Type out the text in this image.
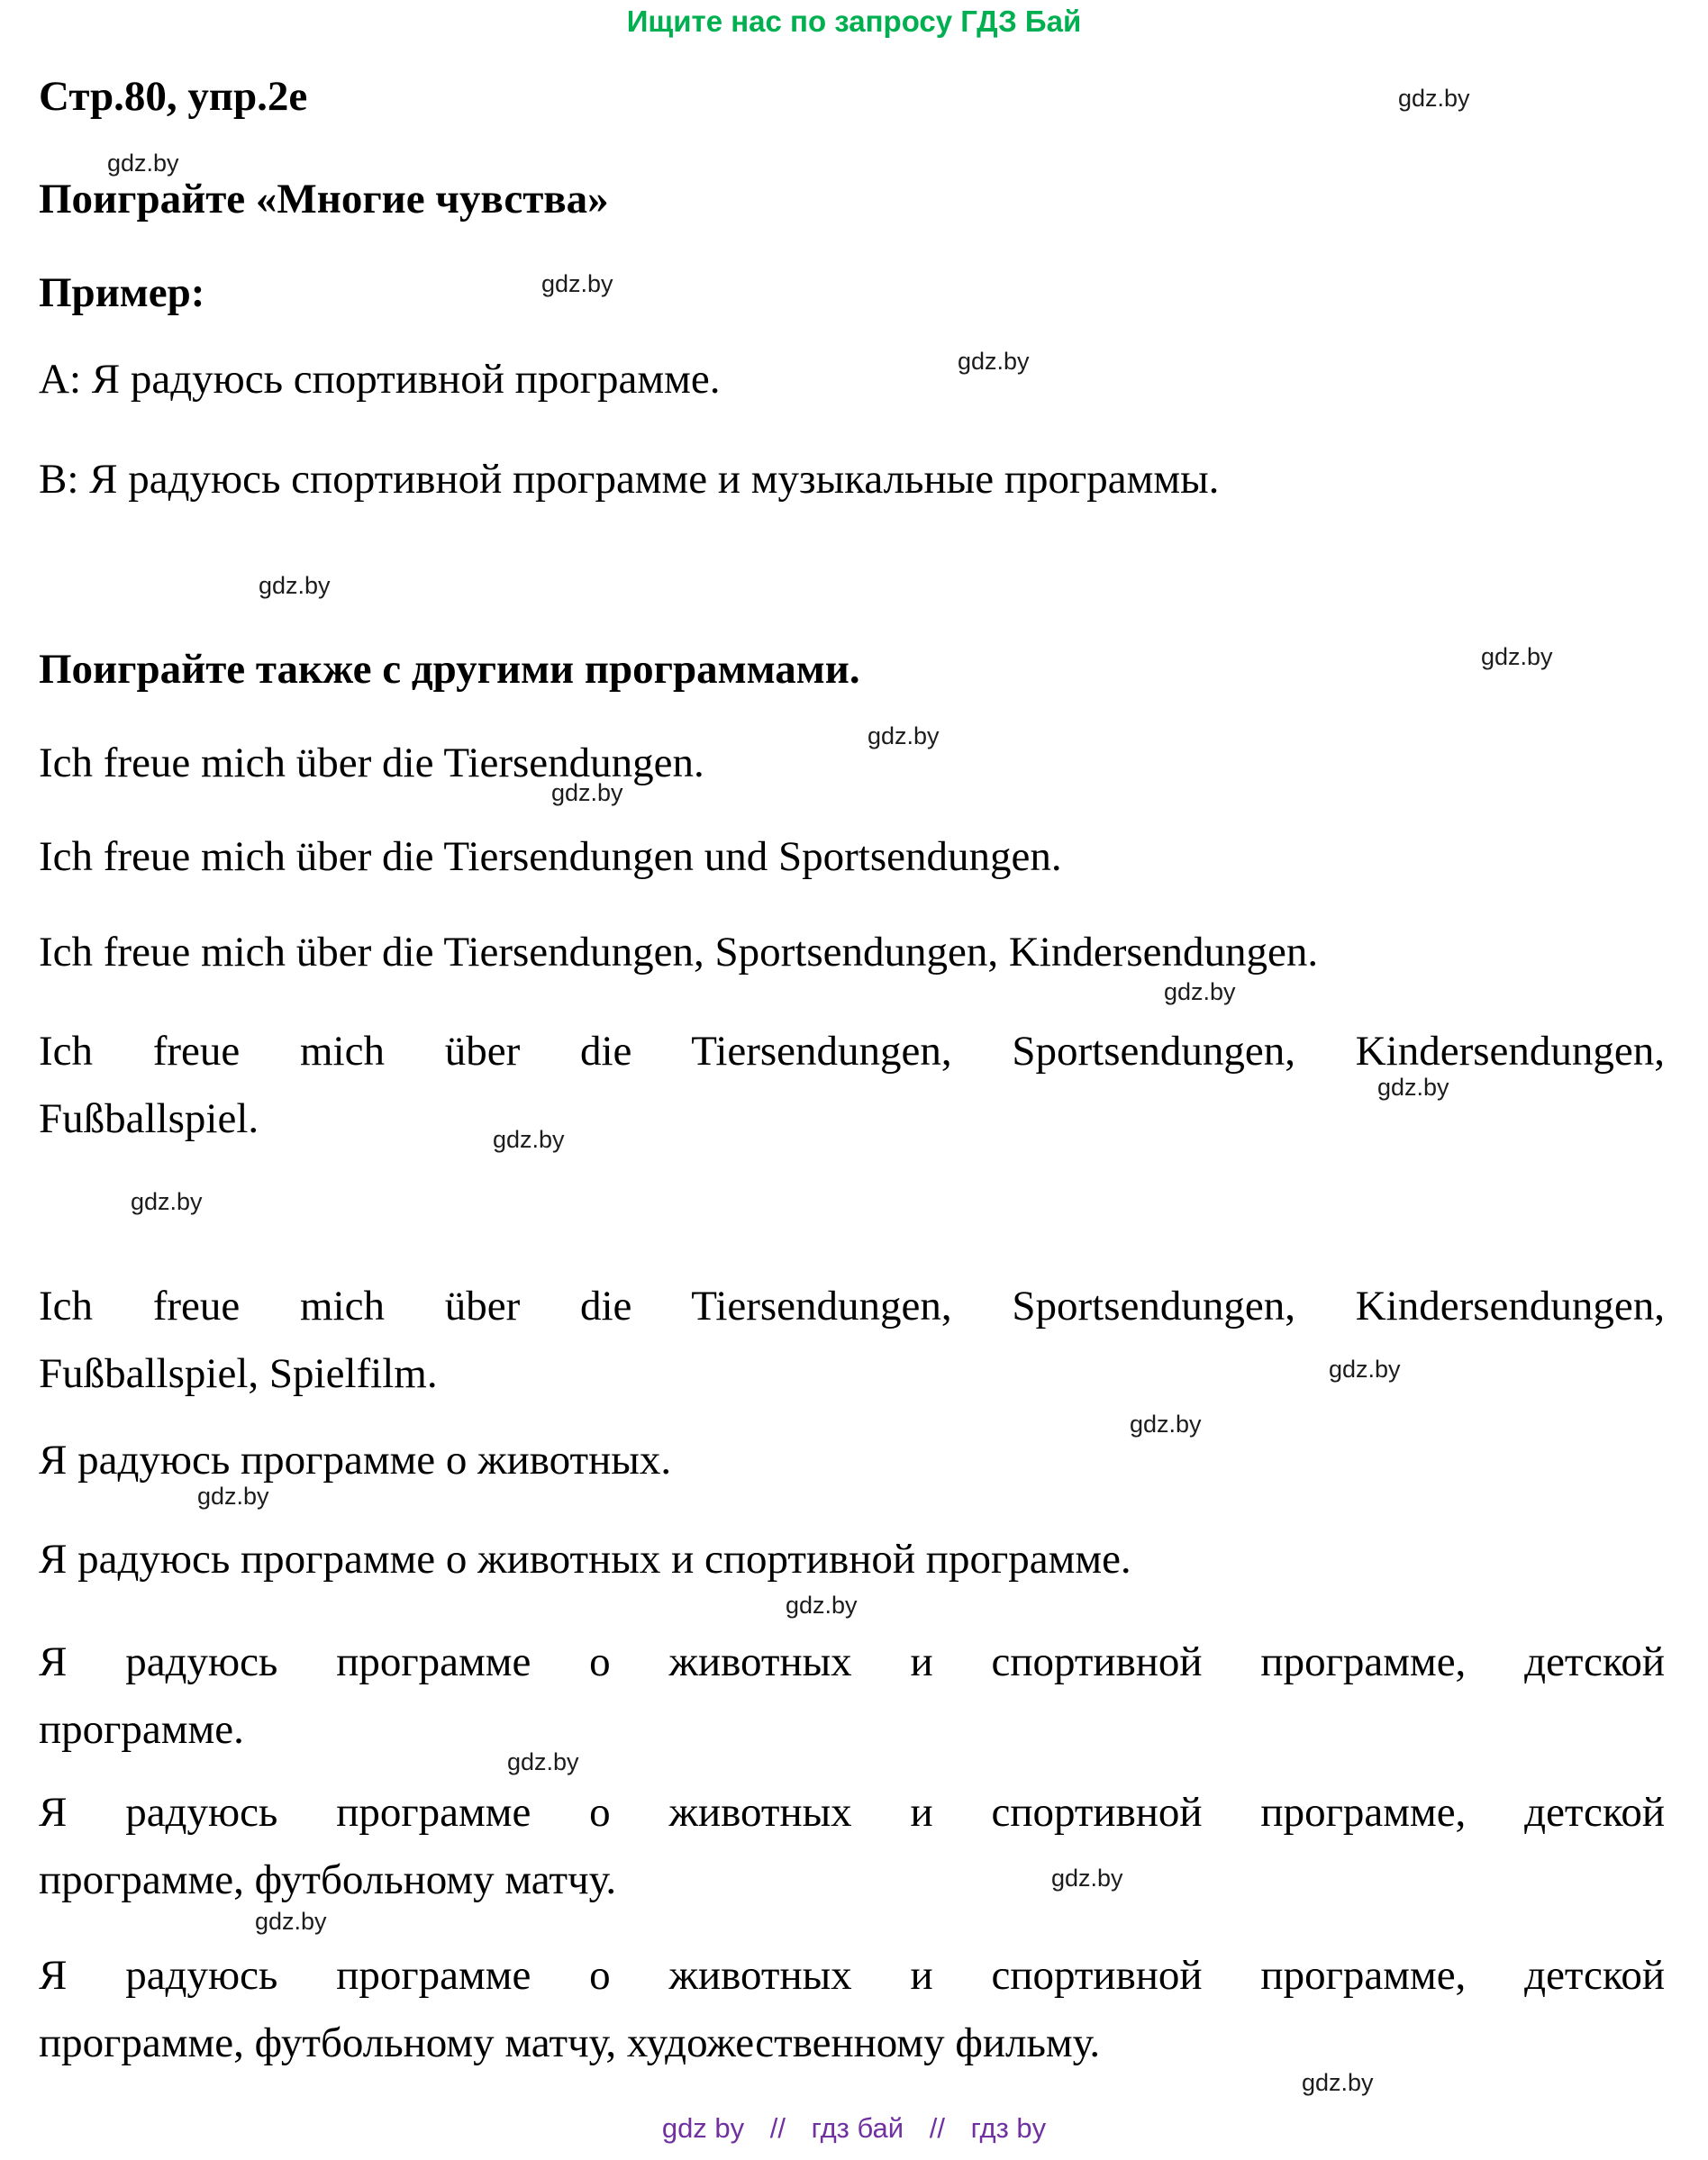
Ищите нас по запросу ГДЗ Бай
Стр.80, упр.2e	gdz.by
gdz.by
gdz.by
gdz.by
gdz.by
gdz.by
gdz.by
gdz.by
gdz.by
gdz.by
gdz.by
gdz.by
gdz.by
gdz.by
gdz.by
gdz.by
gdz.by
gdz.by
gdz.by
gdz.by
Поиграйте «Многие чувства»
Пример:
А: Я радуюсь спортивной программе.
В: Я радуюсь спортивной программе и музыкальные программы.
Поиграйте также с другими программами.
Ich freue mich über die Tiersendungen.
Ich freue mich über die Tiersendungen und Sportsendungen.
Ich freue mich über die Tiersendungen, Sportsendungen, Kindersendungen.
Ich freue mich über die Tiersendungen, Sportsendungen, Kindersendungen,
Fußballspiel.
Ich freue mich über die Tiersendungen, Sportsendungen, Kindersendungen,
Fußballspiel, Spielfilm.
Я радуюсь программе о животных.
Я радуюсь программе о животных и спортивной программе.
Я радуюсь программе о животных и спортивной программе, детской
программе.
Я радуюсь программе о животных и спортивной программе, детской
программе, футбольному матчу.
Я радуюсь программе о животных и спортивной программе, детской
программе, футбольному матчу, художественному фильму.
gdz by // гдз бай // гдз by
